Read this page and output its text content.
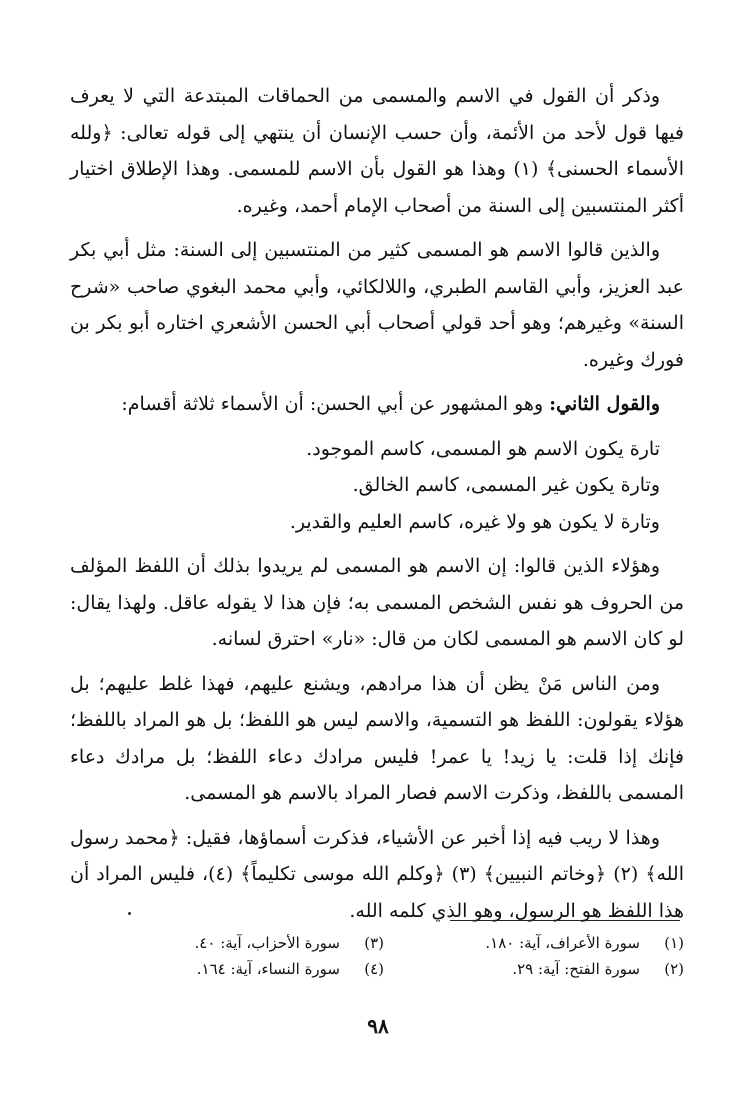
وذكر أن القول في الاسم والمسمى من الحماقات المبتدعة التي لا يعرف فيها قول لأحد من الأئمة، وأن حسب الإنسان أن ينتهي إلى قوله تعالى: ﴿ولله الأسماء الحسنى﴾ (١) وهذا هو القول بأن الاسم للمسمى. وهذا الإطلاق اختيار أكثر المنتسبين إلى السنة من أصحاب الإمام أحمد، وغيره.

والذين قالوا الاسم هو المسمى كثير من المنتسبين إلى السنة: مثل أبي بكر عبد العزيز، وأبي القاسم الطبري، واللالكائي، وأبي محمد البغوي صاحب «شرح السنة» وغيرهم؛ وهو أحد قولي أصحاب أبي الحسن الأشعري اختاره أبو بكر بن فورك وغيره.

والقول الثاني: وهو المشهور عن أبي الحسن: أن الأسماء ثلاثة أقسام:

تارة يكون الاسم هو المسمى، كاسم الموجود.

وتارة يكون غير المسمى، كاسم الخالق.

وتارة لا يكون هو ولا غيره، كاسم العليم والقدير.

وهؤلاء الذين قالوا: إن الاسم هو المسمى لم يريدوا بذلك أن اللفظ المؤلف من الحروف هو نفس الشخص المسمى به؛ فإن هذا لا يقوله عاقل. ولهذا يقال: لو كان الاسم هو المسمى لكان من قال: «نار» احترق لسانه.

ومن الناس مَنْ يظن أن هذا مرادهم، ويشنع عليهم، فهذا غلط عليهم؛ بل هؤلاء يقولون: اللفظ هو التسمية، والاسم ليس هو اللفظ؛ بل هو المراد باللفظ؛ فإنك إذا قلت: يا زيد! يا عمر! فليس مرادك دعاء اللفظ؛ بل مرادك دعاء المسمى باللفظ، وذكرت الاسم فصار المراد بالاسم هو المسمى.

وهذا لا ريب فيه إذا أخبر عن الأشياء، فذكرت أسماؤها، فقيل: ﴿محمد رسول الله﴾ (٢) ﴿وخاتم النبيين﴾ (٣) ﴿وكلم الله موسى تكليماً﴾ (٤)، فليس المراد أن هذا اللفظ هو الرسول، وهو الذي كلمه الله.

(١)سورة الأعراف، آية: ١٨٠.
(٢)سورة الفتح: آية: ٢٩.
(٣)سورة الأحزاب، آية: ٤٠.
(٤)سورة النساء، آية: ١٦٤.
٩٨
